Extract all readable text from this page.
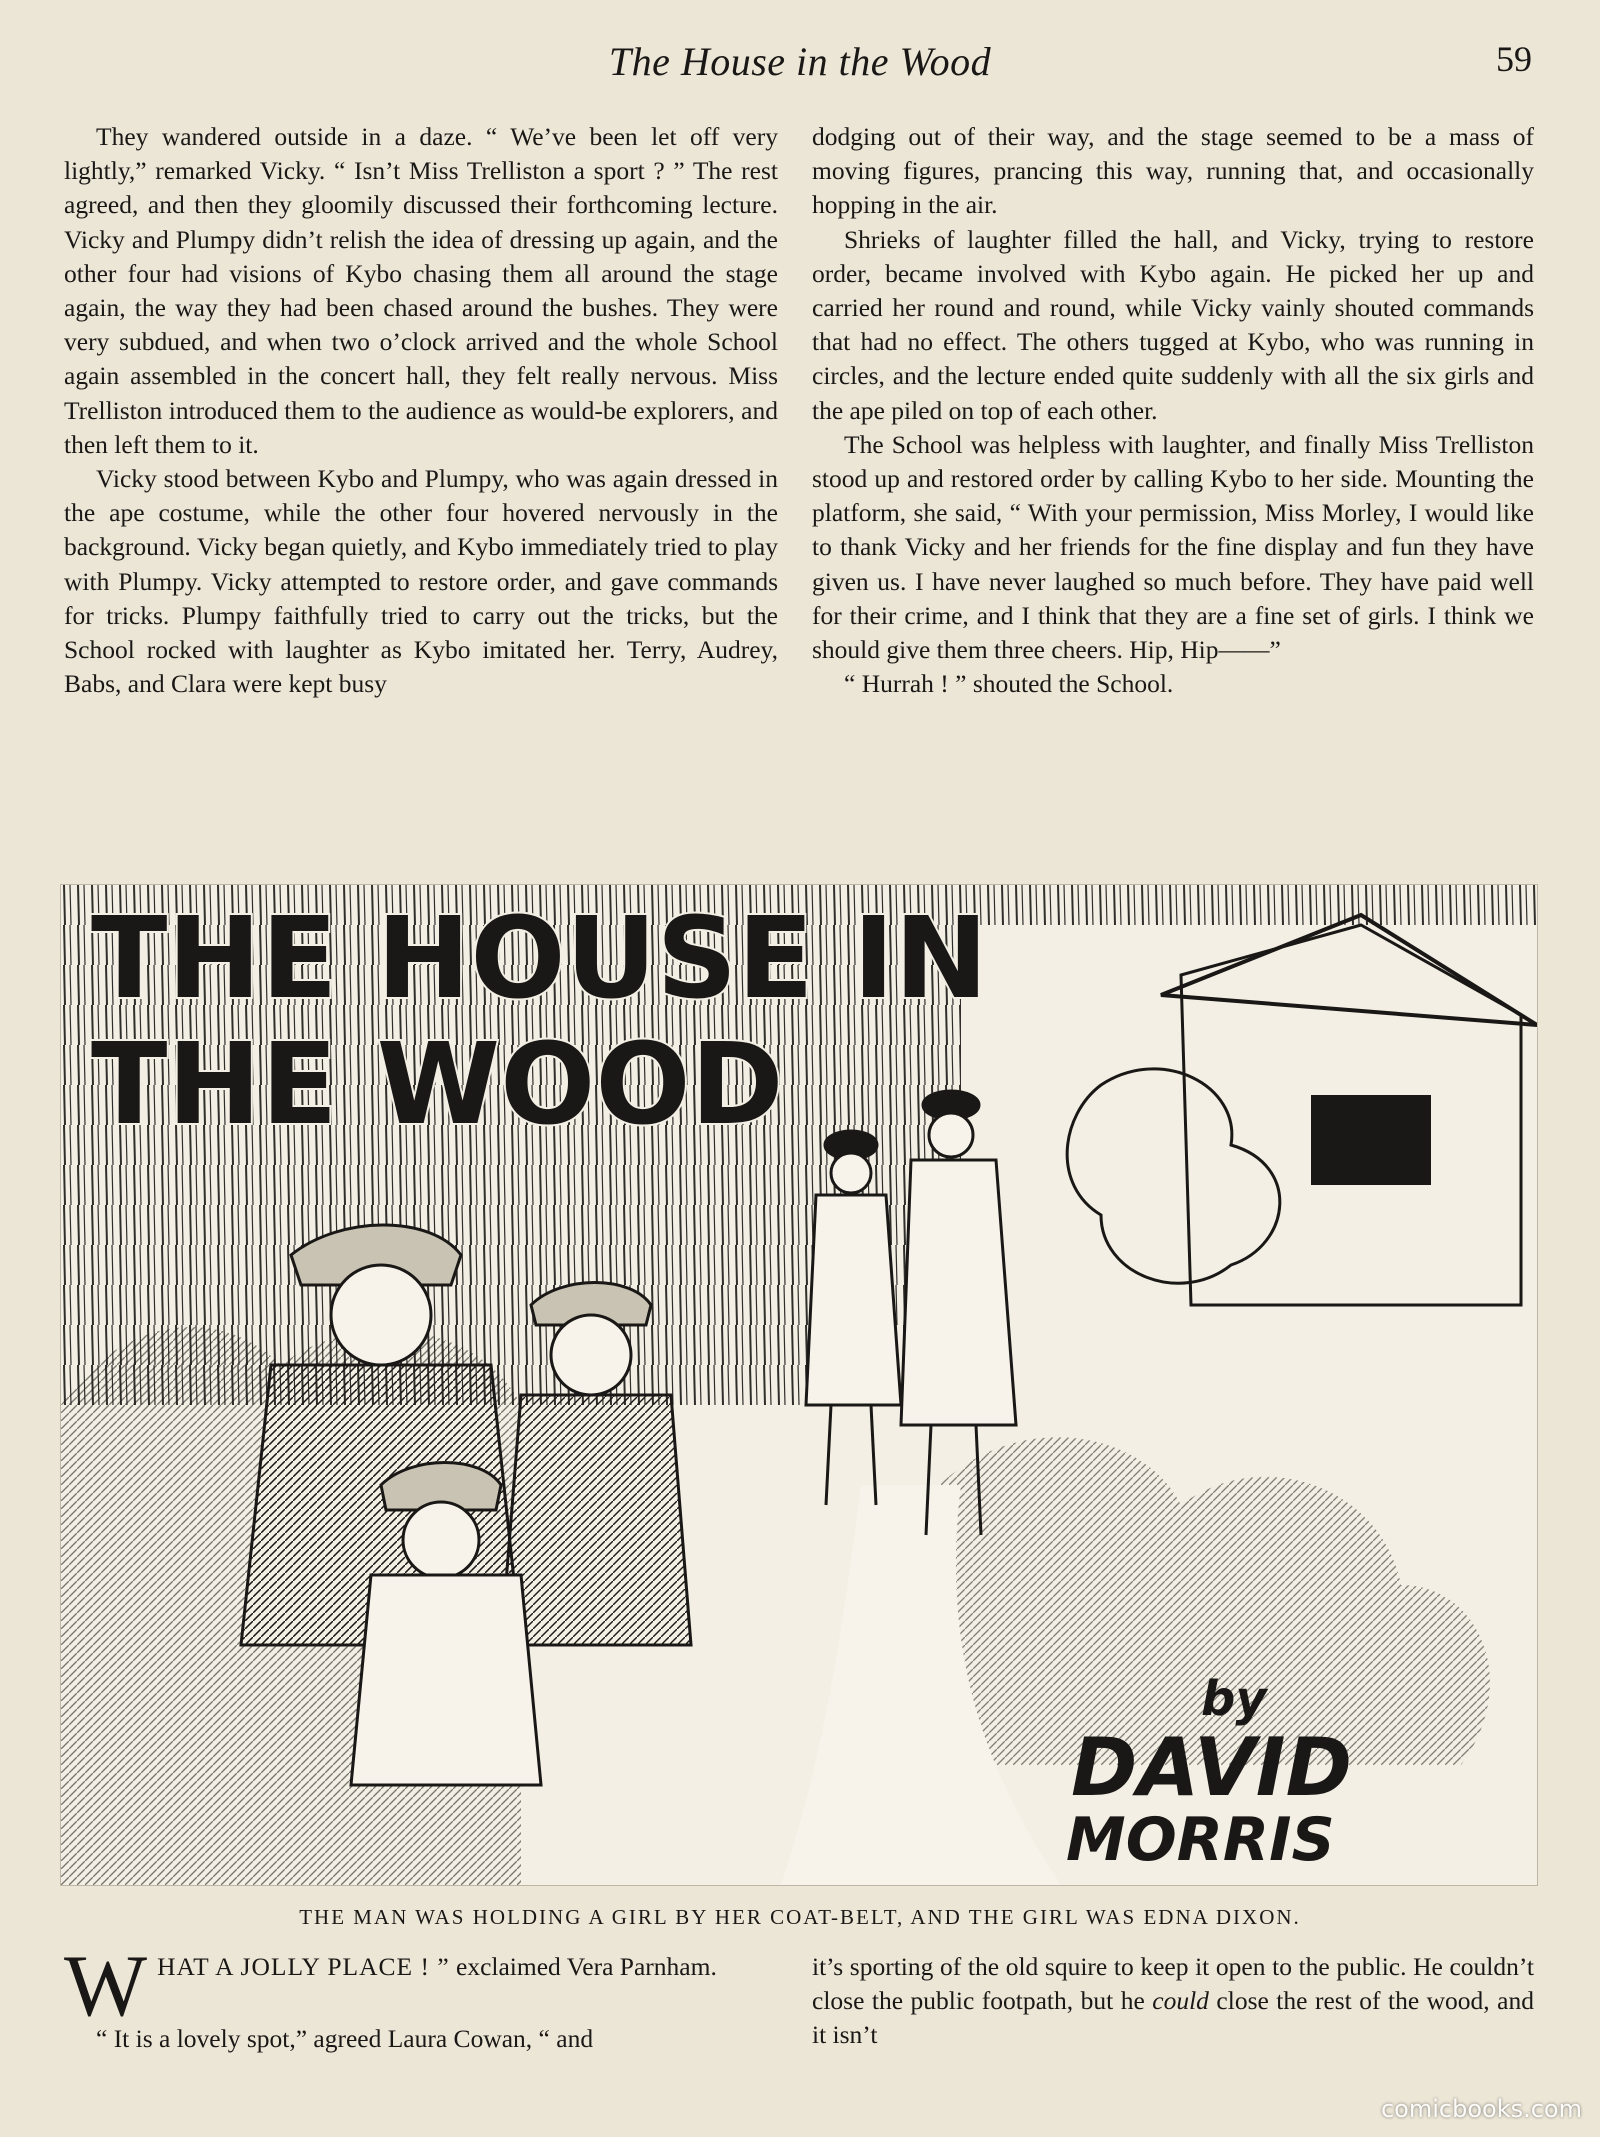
The House in the Wood	59

They wandered outside in a daze. “ We’ve been let off very lightly,” remarked Vicky. “ Isn’t Miss Trelliston a sport ? ” The rest agreed, and then they gloomily discussed their forthcoming lecture. Vicky and Plumpy didn’t relish the idea of dressing up again, and the other four had visions of Kybo chasing them all around the stage again, the way they had been chased around the bushes. They were very subdued, and when two o’clock arrived and the whole School again assembled in the concert hall, they felt really nervous. Miss Trelliston introduced them to the audience as would-be explorers, and then left them to it.

Vicky stood between Kybo and Plumpy, who was again dressed in the ape costume, while the other four hovered nervously in the background. Vicky began quietly, and Kybo immediately tried to play with Plumpy. Vicky attempted to restore order, and gave commands for tricks. Plumpy faithfully tried to carry out the tricks, but the School rocked with laughter as Kybo imitated her. Terry, Audrey, Babs, and Clara were kept busy

dodging out of their way, and the stage seemed to be a mass of moving figures, prancing this way, running that, and occasionally hopping in the air.

Shrieks of laughter filled the hall, and Vicky, trying to restore order, became involved with Kybo again. He picked her up and carried her round and round, while Vicky vainly shouted commands that had no effect. The others tugged at Kybo, who was running in circles, and the lecture ended quite suddenly with all the six girls and the ape piled on top of each other.

The School was helpless with laughter, and finally Miss Trelliston stood up and restored order by calling Kybo to her side. Mounting the platform, she said, “ With your permission, Miss Morley, I would like to thank Vicky and her friends for the fine display and fun they have given us. I have never laughed so much before. They have paid well for their crime, and I think that they are a fine set of girls. I think we should give them three cheers. Hip, Hip——”

“ Hurrah ! ” shouted the School.

THE HOUSE IN
THE WOOD
by
DAVID
MORRIS
THE MAN WAS HOLDING A GIRL BY HER COAT-BELT, AND THE GIRL WAS EDNA DIXON.

W HAT A JOLLY PLACE ! ” exclaimed Vera Parnham.

“ It is a lovely spot,” agreed Laura Cowan, “ and

it’s sporting of the old squire to keep it open to the public. He couldn’t close the public footpath, but he could close the rest of the wood, and it isn’t

comicbooks.com
